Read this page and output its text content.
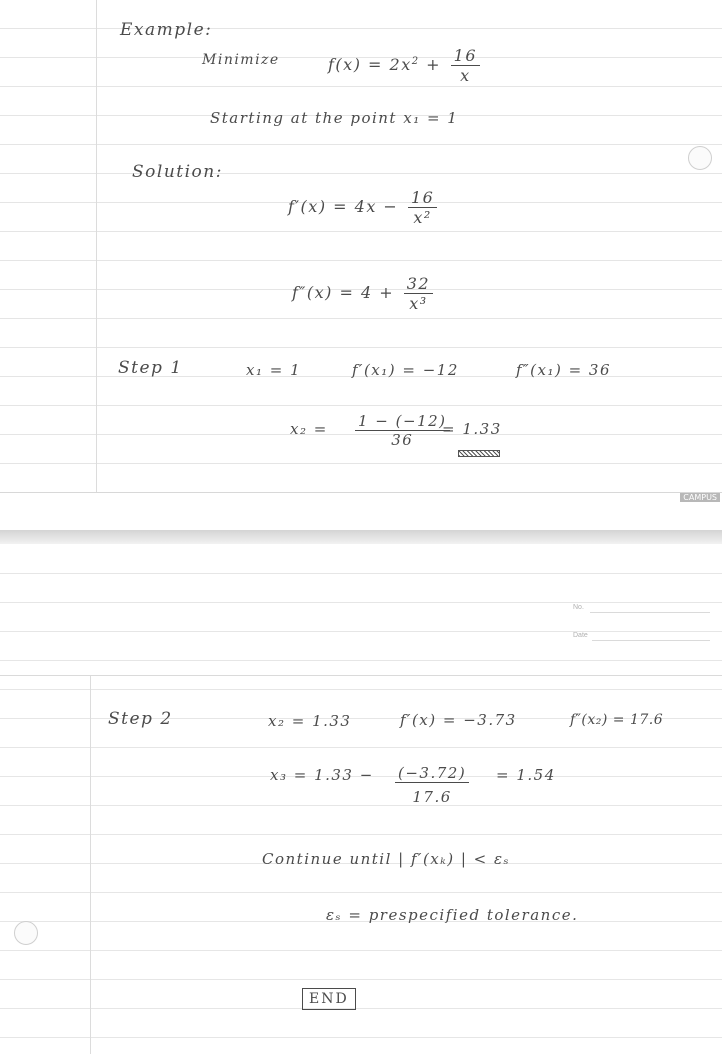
Example:
Minimize	$f(x) = 2x^2 + \frac{16}{x}$
Starting at the point x₁ = 1
Solution:
$f'(x) = 4x - \frac{16}{\text{x²}}$
$f''(x) = 4 + \frac{32}{\text{x³}}$
Step 1	x₁ = 1	f′(x₁) = −12	f″(x₁) = 36
$x_2 = \frac{1 - (-12)}{36}$
= 1.33
CAMPUS
No.
Date
Step 2	x₂ = 1.33	f′(x) = −3.73	f″(x₂) = 17.6
$x_3 = 1.33 - \frac{(-3.72)}{17.6} = 1.54$
Continue until | f′(xₖ) | < εₛ
εₛ = prespecified tolerance.
END
